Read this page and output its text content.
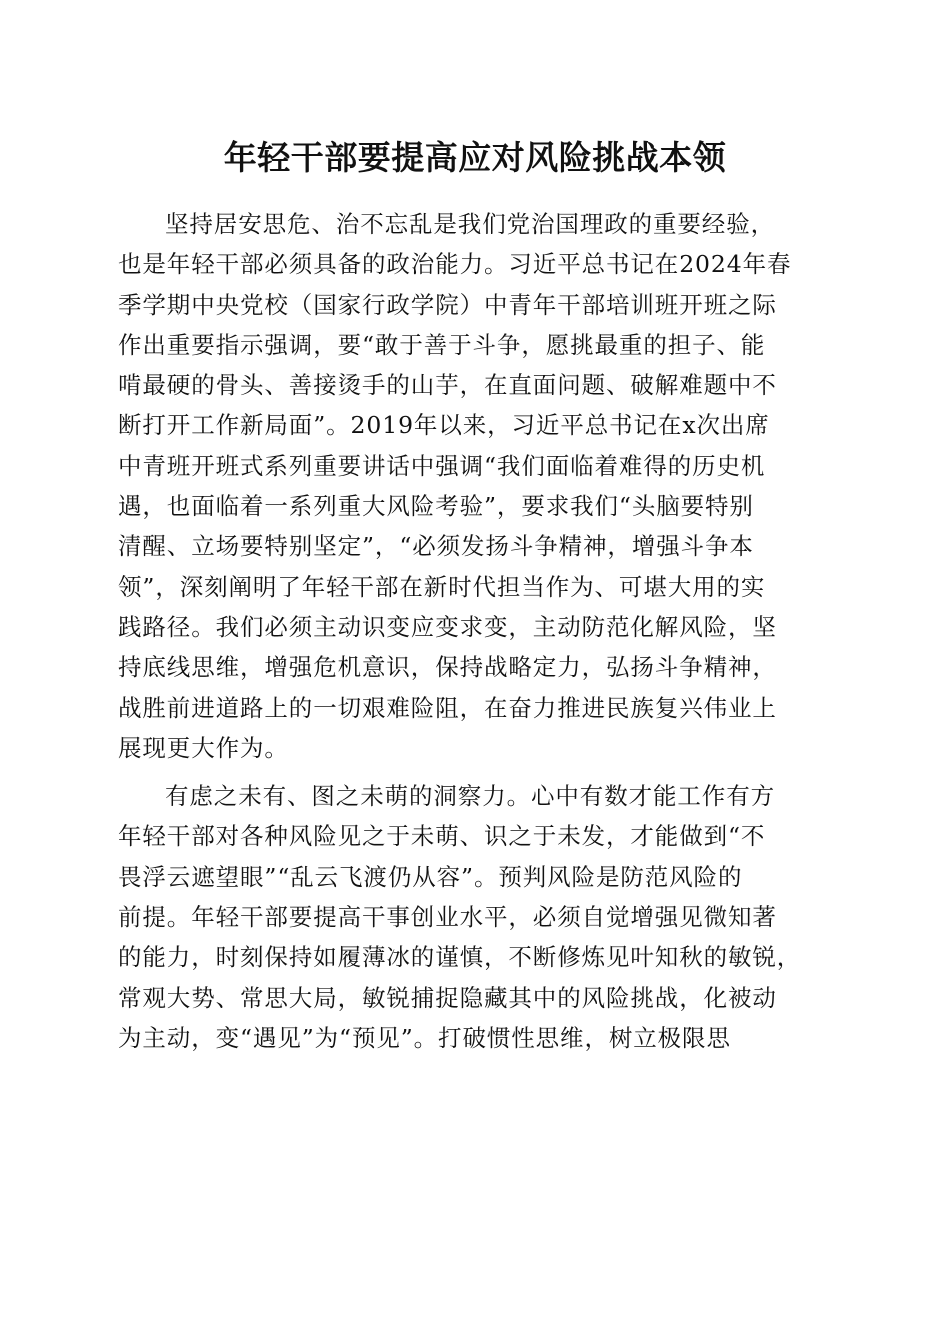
年轻干部要提高应对风险挑战本领

坚持居安思危、治不忘乱是我们党治国理政的重要经验，
也是年轻干部必须具备的政治能力。习近平总书记在2024年春
季学期中央党校（国家行政学院）中青年干部培训班开班之际
作出重要指示强调，要“敢于善于斗争，愿挑最重的担子、能
啃最硬的骨头、善接烫手的山芋，在直面问题、破解难题中不
断打开工作新局面”。2019年以来，习近平总书记在x次出席
中青班开班式系列重要讲话中强调“我们面临着难得的历史机
遇，也面临着一系列重大风险考验”，要求我们“头脑要特别
清醒、立场要特别坚定”，“必须发扬斗争精神，增强斗争本
领”，深刻阐明了年轻干部在新时代担当作为、可堪大用的实
践路径。我们必须主动识变应变求变，主动防范化解风险，坚
持底线思维，增强危机意识，保持战略定力，弘扬斗争精神，
战胜前进道路上的一切艰难险阻，在奋力推进民族复兴伟业上
展现更大作为。

有虑之未有、图之未萌的洞察力。心中有数才能工作有方
年轻干部对各种风险见之于未萌、识之于未发，才能做到“不
畏浮云遮望眼”“乱云飞渡仍从容”。预判风险是防范风险的
前提。年轻干部要提高干事创业水平，必须自觉增强见微知著
的能力，时刻保持如履薄冰的谨慎，不断修炼见叶知秋的敏锐，
常观大势、常思大局，敏锐捕捉隐藏其中的风险挑战，化被动
为主动，变“遇见”为“预见”。打破惯性思维，树立极限思
